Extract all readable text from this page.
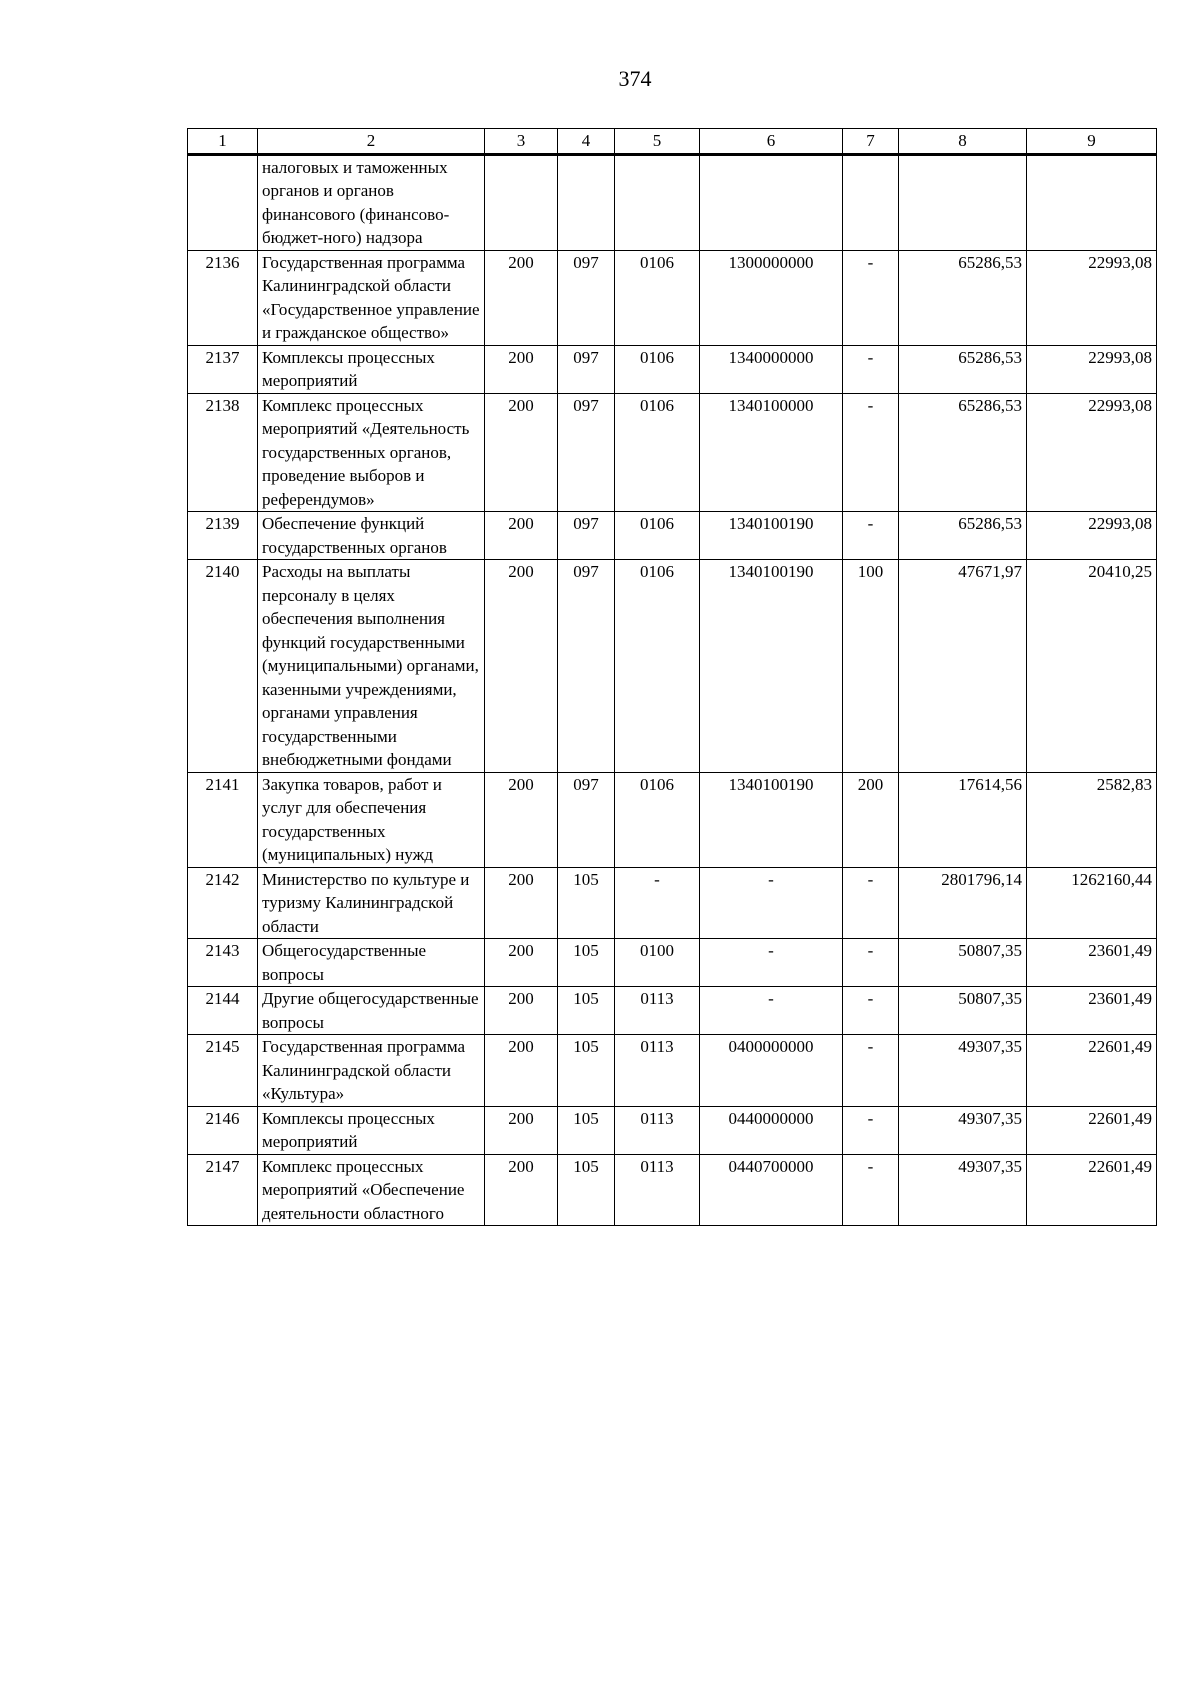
374
1	2	3	4	5	6	7	8	9
	налоговых и таможенных органов и органов финансового (финансово-бюджет-ного) надзора							
2136	Государственная программа Калининградской области «Государственное управление и гражданское общество»	200	097	0106	1300000000	-	65286,53	22993,08
2137	Комплексы процессных мероприятий	200	097	0106	1340000000	-	65286,53	22993,08
2138	Комплекс процессных мероприятий «Деятельность государственных органов, проведение выборов и референдумов»	200	097	0106	1340100000	-	65286,53	22993,08
2139	Обеспечение функций государственных органов	200	097	0106	1340100190	-	65286,53	22993,08
2140	Расходы на выплаты персоналу в целях обеспечения выполнения функций государственными (муниципальными) органами, казенными учреждениями, органами управления государственными внебюджетными фондами	200	097	0106	1340100190	100	47671,97	20410,25
2141	Закупка товаров, работ и услуг для обеспечения государственных (муниципальных) нужд	200	097	0106	1340100190	200	17614,56	2582,83
2142	Министерство по культуре и туризму Калининградской области	200	105	-	-	-	2801796,14	1262160,44
2143	Общегосударственные вопросы	200	105	0100	-	-	50807,35	23601,49
2144	Другие общегосударственные вопросы	200	105	0113	-	-	50807,35	23601,49
2145	Государственная программа Калининградской области «Культура»	200	105	0113	0400000000	-	49307,35	22601,49
2146	Комплексы процессных мероприятий	200	105	0113	0440000000	-	49307,35	22601,49
2147	Комплекс процессных мероприятий «Обеспечение деятельности областного	200	105	0113	0440700000	-	49307,35	22601,49
